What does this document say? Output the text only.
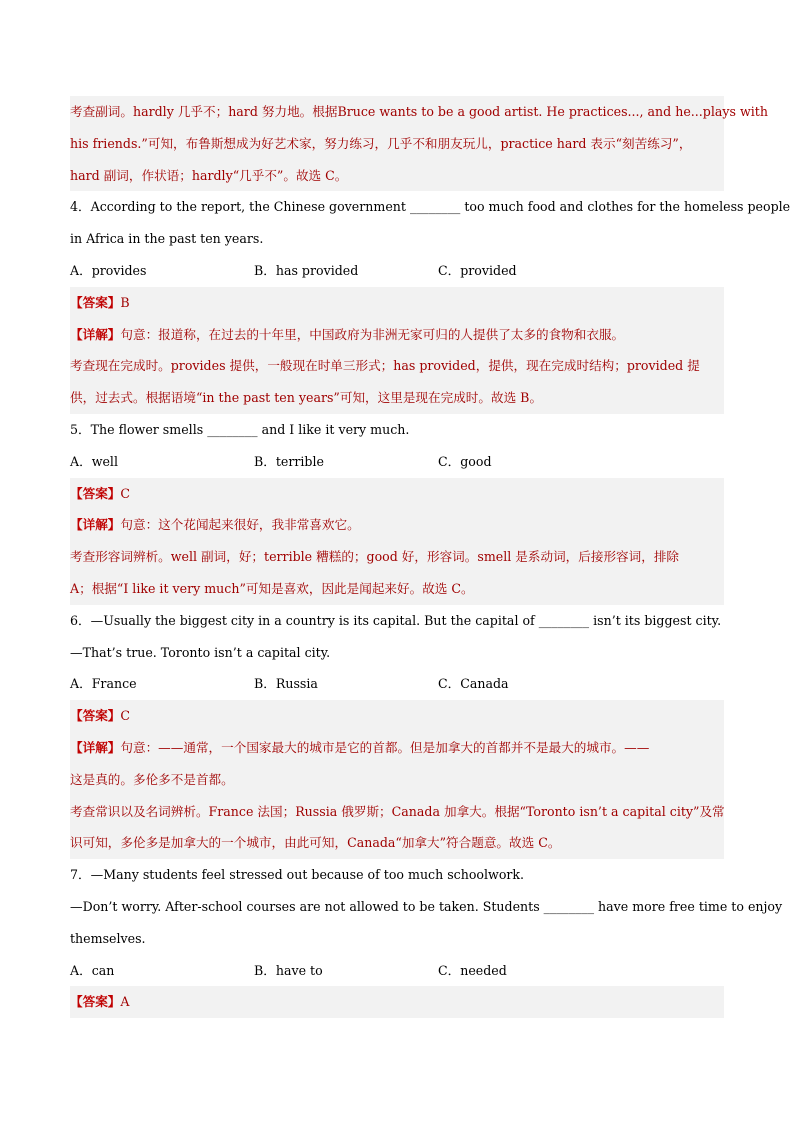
考查副词。hardly 几乎不；hard 努力地。根据Bruce wants to be a good artist. He practices..., and he...plays with
his friends.”可知，布鲁斯想成为好艺术家，努力练习，几乎不和朋友玩儿，practice hard 表示“刻苦练习”，
hard 副词，作状语；hardly“几乎不”。故选 C。
4．According to the report, the Chinese government ________ too much food and clothes for the homeless people
in Africa in the past ten years.
A．provides	B．has provided	C．provided
【答案】B
【详解】句意：报道称，在过去的十年里，中国政府为非洲无家可归的人提供了太多的食物和衣服。
考查现在完成时。provides 提供，一般现在时单三形式；has provided，提供，现在完成时结构；provided 提
供，过去式。根据语境“in the past ten years”可知，这里是现在完成时。故选 B。
5．The flower smells ________ and I like it very much.
A．well	B．terrible	C．good
【答案】C
【详解】句意：这个花闻起来很好，我非常喜欢它。
考查形容词辨析。well 副词，好；terrible 糟糕的；good 好，形容词。smell 是系动词，后接形容词，排除
A；根据“I like it very much”可知是喜欢，因此是闻起来好。故选 C。
6．—Usually the biggest city in a country is its capital. But the capital of ________ isn’t its biggest city.
—That’s true. Toronto isn’t a capital city.
A．France	B．Russia	C．Canada
【答案】C
【详解】句意：——通常，一个国家最大的城市是它的首都。但是加拿大的首都并不是最大的城市。——
这是真的。多伦多不是首都。
考查常识以及名词辨析。France 法国；Russia 俄罗斯；Canada 加拿大。根据“Toronto isn’t a capital city”及常
识可知，多伦多是加拿大的一个城市，由此可知，Canada“加拿大”符合题意。故选 C。
7．—Many students feel stressed out because of too much schoolwork.
—Don’t worry. After-school courses are not allowed to be taken. Students ________ have more free time to enjoy
themselves.
A．can	B．have to	C．needed
【答案】A
